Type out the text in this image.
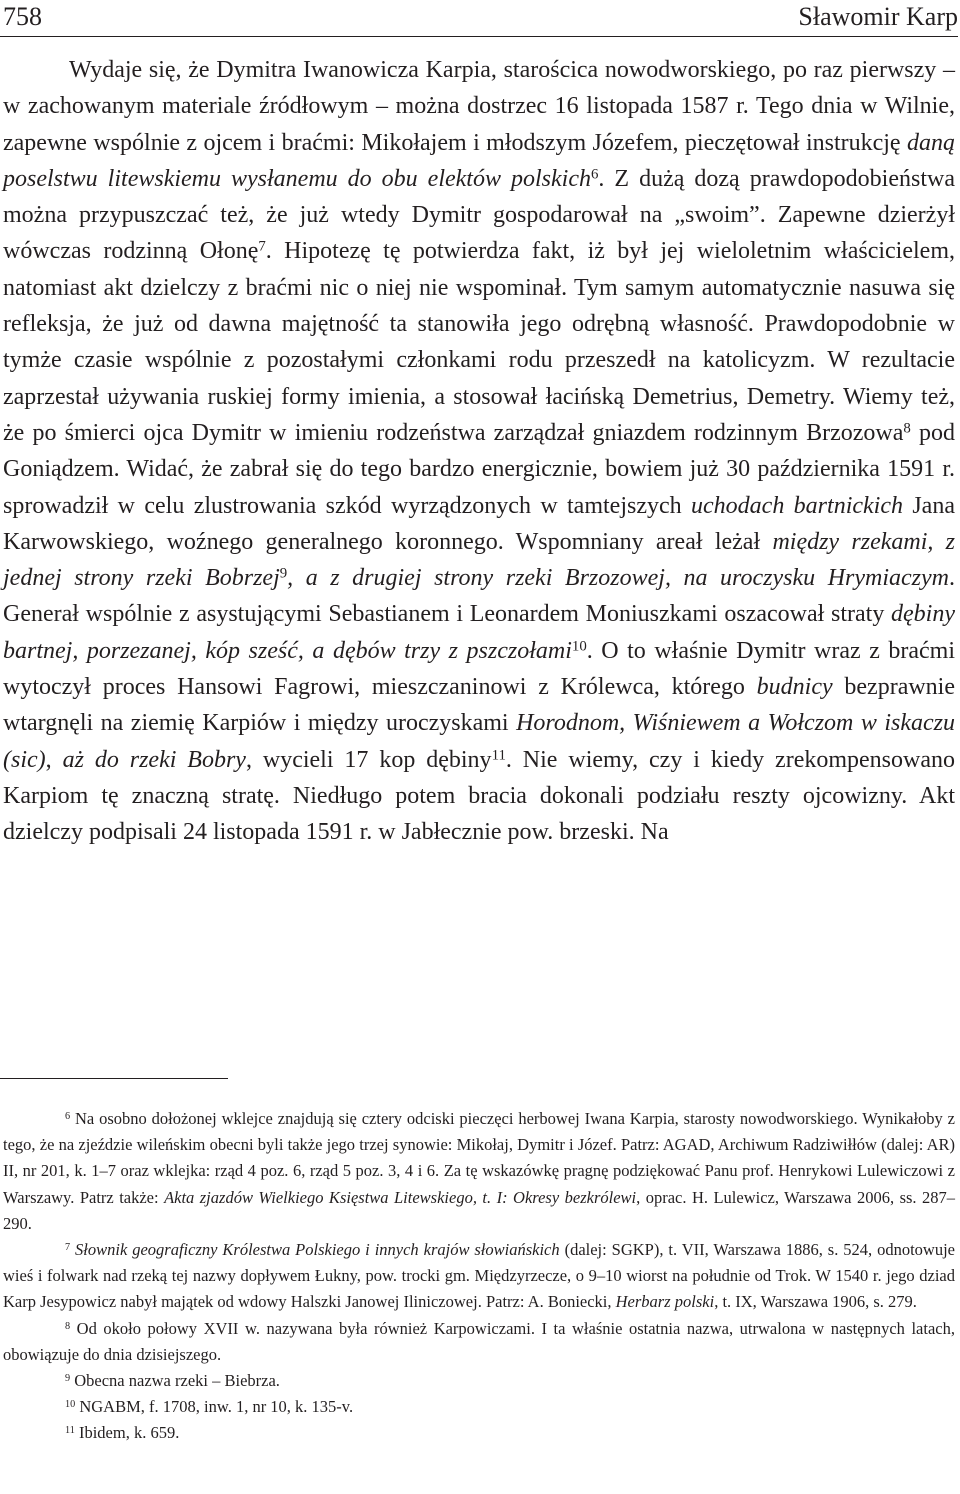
758	Sławomir Karp

Wydaje się, że Dymitra Iwanowicza Karpia, starościca nowodworskiego, po raz pierwszy – w zachowanym materiale źródłowym – można dostrzec 16 listopada 1587 r. Tego dnia w Wilnie, zapewne wspólnie z ojcem i braćmi: Mikołajem i młodszym Józefem, pieczętował instrukcję daną poselstwu litewskiemu wysłanemu do obu elektów polskich$^6$. Z dużą dozą prawdopodobieństwa można przypuszczać też, że już wtedy Dymitr gospodarował na „swoim”. Zapewne dzierżył wówczas rodzinną Ołonę$^7$. Hipotezę tę potwierdza fakt, iż był jej wieloletnim właścicielem, natomiast akt dzielczy z braćmi nic o niej nie wspominał. Tym samym automatycznie nasuwa się refleksja, że już od dawna majętność ta stanowiła jego odrębną własność. Prawdopodobnie w tymże czasie wspólnie z pozostałymi członkami rodu przeszedł na katolicyzm. W rezultacie zaprzestał używania ruskiej formy imienia, a stosował łacińską Demetrius, Demetry. Wiemy też, że po śmierci ojca Dymitr w imieniu rodzeństwa zarządzał gniazdem rodzinnym Brzozowa$^8$ pod Goniądzem. Widać, że zabrał się do tego bardzo energicznie, bowiem już 30 października 1591 r. sprowadził w celu zlustrowania szkód wyrządzonych w tamtejszych uchodach bartnickich Jana Karwowskiego, woźnego generalnego koronnego. Wspomniany areał leżał między rzekami, z jednej strony rzeki Bobrzej$^9$, a z drugiej strony rzeki Brzozowej, na uroczysku Hrymiaczym. Generał wspólnie z asystującymi Sebastianem i Leonardem Moniuszkami oszacował straty dębiny bartnej, porzezanej, kóp sześć, a dębów trzy z pszczołami$^{10}$. O to właśnie Dymitr wraz z braćmi wytoczył proces Hansowi Fagrowi, mieszczaninowi z Królewca, którego budnicy bezprawnie wtargnęli na ziemię Karpiów i między uroczyskami Horodnom, Wiśniewem a Wołczom w iskaczu (sic), aż do rzeki Bobry, wycieli 17 kop dębiny$^{11}$. Nie wiemy, czy i kiedy zrekompensowano Karpiom tę znaczną stratę. Niedługo potem bracia dokonali podziału reszty ojcowizny. Akt dzielczy podpisali 24 listopada 1591 r. w Jabłecznie pow. brzeski. Na

$^6$ Na osobno dołożonej wklejce znajdują się cztery odciski pieczęci herbowej Iwana Karpia, starosty nowodworskiego. Wynikałoby z tego, że na zjeździe wileńskim obecni byli także jego trzej synowie: Mikołaj, Dymitr i Józef. Patrz: AGAD, Archiwum Radziwiłłów (dalej: AR) II, nr 201, k. 1–7 oraz wklejka: rząd 4 poz. 6, rząd 5 poz. 3, 4 i 6. Za tę wskazówkę pragnę podziękować Panu prof. Henrykowi Lulewiczowi z Warszawy. Patrz także: Akta zjazdów Wielkiego Księstwa Litewskiego, t. I: Okresy bezkrólewi, oprac. H. Lulewicz, Warszawa 2006, ss. 287–290.

$^7$ Słownik geograficzny Królestwa Polskiego i innych krajów słowiańskich (dalej: SGKP), t. VII, Warszawa 1886, s. 524, odnotowuje wieś i folwark nad rzeką tej nazwy dopływem Łukny, pow. trocki gm. Międzyrzecze, o 9–10 wiorst na południe od Trok. W 1540 r. jego dziad Karp Jesypowicz nabył majątek od wdowy Halszki Janowej Iliniczowej. Patrz: A. Boniecki, Herbarz polski, t. IX, Warszawa 1906, s. 279.

$^8$ Od około połowy XVII w. nazywana była również Karpowiczami. I ta właśnie ostatnia nazwa, utrwalona w następnych latach, obowiązuje do dnia dzisiejszego.

$^9$ Obecna nazwa rzeki – Biebrza.

$^{10}$ NGABM, f. 1708, inw. 1, nr 10, k. 135-v.

$^{11}$ Ibidem, k. 659.
